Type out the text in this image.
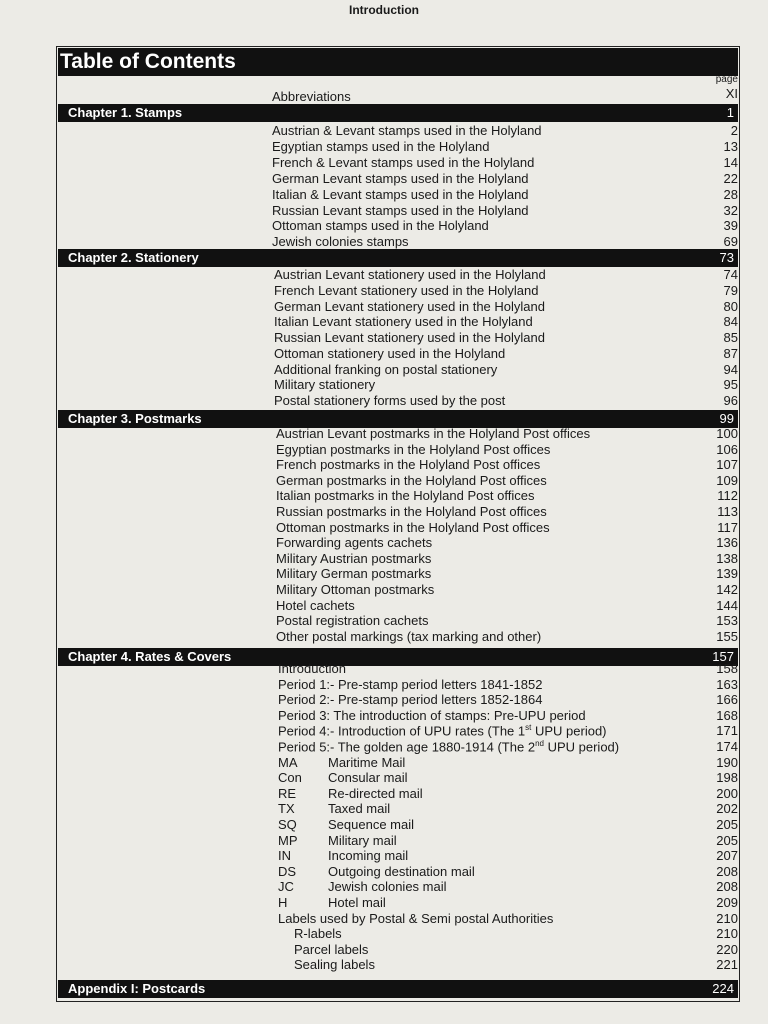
Introduction
Table of Contents
page
Abbreviations	XI
Chapter 1. Stamps	1
Austrian & Levant stamps used in the Holyland	2
Egyptian stamps used in the Holyland	13
French & Levant stamps used in the Holyland	14
German Levant stamps used in the Holyland	22
Italian & Levant stamps used in the Holyland	28
Russian Levant stamps used in the Holyland	32
Ottoman stamps used in the Holyland	39
Jewish colonies stamps	69
Chapter 2. Stationery	73
Austrian Levant stationery used in the Holyland	74
French Levant stationery used in the Holyland	79
German Levant stationery used in the Holyland	80
Italian Levant stationery used in the Holyland	84
Russian Levant stationery used in the Holyland	85
Ottoman stationery used in the Holyland	87
Additional franking on postal stationery	94
Military stationery	95
Postal stationery forms used by the post	96
Chapter 3. Postmarks	99
Austrian Levant postmarks in the Holyland Post offices	100
Egyptian postmarks in the Holyland Post offices	106
French postmarks in the Holyland Post offices	107
German postmarks in the Holyland Post offices	109
Italian postmarks in the Holyland Post offices	112
Russian postmarks in the Holyland Post offices	113
Ottoman postmarks in the Holyland Post offices	117
Forwarding agents cachets	136
Military Austrian postmarks	138
Military German postmarks	139
Military Ottoman postmarks	142
Hotel cachets	144
Postal registration cachets	153
Other postal markings (tax marking and other)	155
Chapter 4. Rates & Covers	157
Introduction	158
Period 1:- Pre-stamp period letters 1841-1852	163
Period 2:- Pre-stamp period letters 1852-1864	166
Period 3: The introduction of stamps: Pre-UPU period	168
Period 4:- Introduction of UPU rates (The 1st UPU period)	171
Period 5:- The golden age 1880-1914 (The 2nd UPU period)	174
MA Maritime Mail	190
Con Consular mail	198
RE Re-directed mail	200
TX	Taxed mail	202
SQ Sequence mail	205
MP Military mail	205
IN	Incoming mail	207
DS Outgoing destination mail	208
JC	Jewish colonies mail	208
H	Hotel mail	209
Labels used by Postal & Semi postal Authorities	210
R-labels	210
Parcel labels	220
Sealing labels	221
Appendix I: Postcards	224
